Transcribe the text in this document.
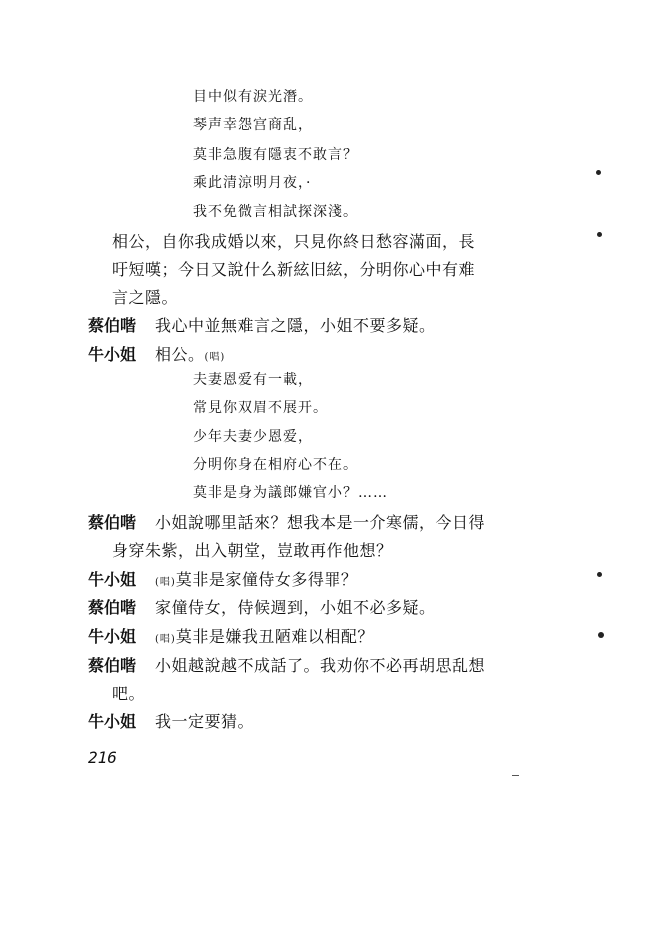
目中似有淚光潛。
琴声幸怨宫商乱，
莫非急腹有隱衷不敢言？
乘此清涼明月夜，·
我不免微言相試探深淺。
相公，自你我成婚以來，只見你終日愁容滿面，長
吁短嘆；今日又說什么新絃旧絃，分明你心中有难
言之隱。
蔡伯喈 我心中並無难言之隱，小姐不要多疑。
牛小姐 相公。(唱)
夫妻恩爱有一載，
常見你双眉不展开。
少年夫妻少恩爱，
分明你身在相府心不在。
莫非是身为議郎嫌官小？……
蔡伯喈 小姐說哪里話來？想我本是一介寒儒，今日得
身穿朱紫，出入朝堂，豈敢再作他想？
牛小姐 (唱)莫非是家僮侍女多得罪？
蔡伯喈 家僮侍女，侍候週到，小姐不必多疑。
牛小姐 (唱)莫非是嫌我丑陋难以相配？
蔡伯喈 小姐越說越不成話了。我劝你不必再胡思乱想
吧。
牛小姐 我一定要猜。
216
